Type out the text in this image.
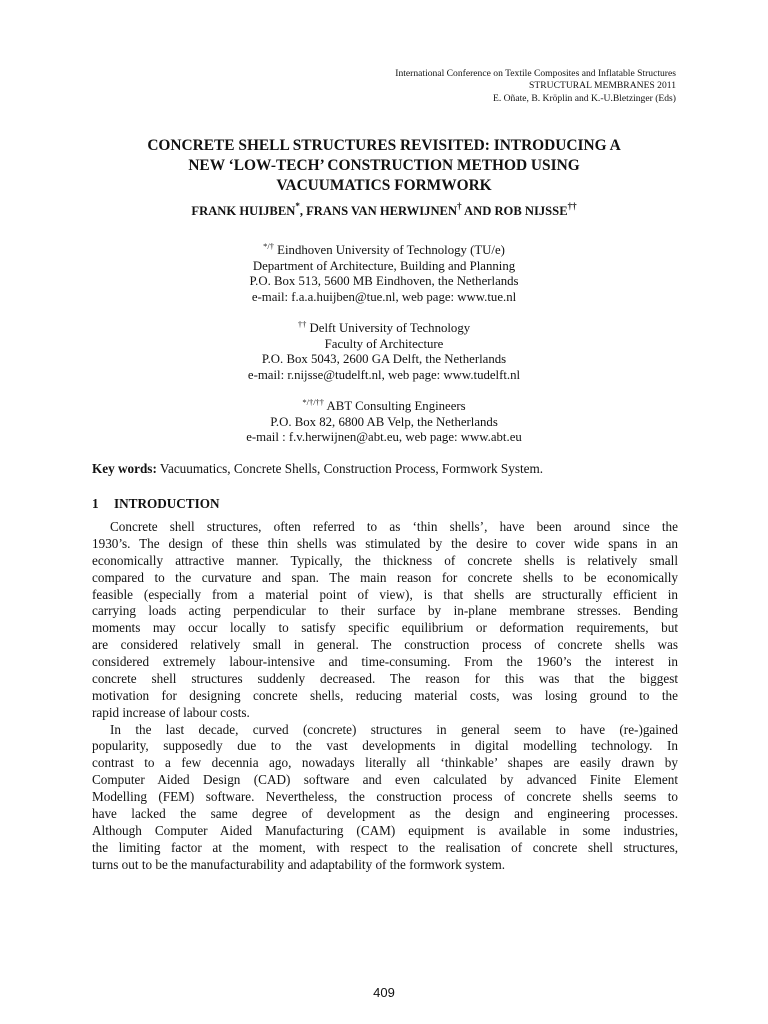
International Conference on Textile Composites and Inflatable Structures
STRUCTURAL MEMBRANES 2011
E. Oñate, B. Kröplin and K.-U.Bletzinger (Eds)
CONCRETE SHELL STRUCTURES REVISITED: INTRODUCING A
NEW ‘LOW-TECH’ CONSTRUCTION METHOD USING
VACUUMATICS FORMWORK
FRANK HUIJBEN*, FRANS VAN HERWIJNEN† AND ROB NIJSSE††
*/† Eindhoven University of Technology (TU/e)
Department of Architecture, Building and Planning
P.O. Box 513, 5600 MB Eindhoven, the Netherlands
e-mail: f.a.a.huijben@tue.nl, web page: www.tue.nl
†† Delft University of Technology
Faculty of Architecture
P.O. Box 5043, 2600 GA Delft, the Netherlands
e-mail: r.nijsse@tudelft.nl, web page: www.tudelft.nl
*/†/†† ABT Consulting Engineers
P.O. Box 82, 6800 AB Velp, the Netherlands
e-mail : f.v.herwijnen@abt.eu, web page: www.abt.eu
Key words: Vacuumatics, Concrete Shells, Construction Process, Formwork System.
1 INTRODUCTION
Concrete shell structures, often referred to as ‘thin shells’, have been around since the
1930’s. The design of these thin shells was stimulated by the desire to cover wide spans in an
economically attractive manner. Typically, the thickness of concrete shells is relatively small
compared to the curvature and span. The main reason for concrete shells to be economically
feasible (especially from a material point of view), is that shells are structurally efficient in
carrying loads acting perpendicular to their surface by in-plane membrane stresses. Bending
moments may occur locally to satisfy specific equilibrium or deformation requirements, but
are considered relatively small in general. The construction process of concrete shells was
considered extremely labour-intensive and time-consuming. From the 1960’s the interest in
concrete shell structures suddenly decreased. The reason for this was that the biggest
motivation for designing concrete shells, reducing material costs, was losing ground to the
rapid increase of labour costs.
In the last decade, curved (concrete) structures in general seem to have (re-)gained
popularity, supposedly due to the vast developments in digital modelling technology. In
contrast to a few decennia ago, nowadays literally all ‘thinkable’ shapes are easily drawn by
Computer Aided Design (CAD) software and even calculated by advanced Finite Element
Modelling (FEM) software. Nevertheless, the construction process of concrete shells seems to
have lacked the same degree of development as the design and engineering processes.
Although Computer Aided Manufacturing (CAM) equipment is available in some industries,
the limiting factor at the moment, with respect to the realisation of concrete shell structures,
turns out to be the manufacturability and adaptability of the formwork system.
409
